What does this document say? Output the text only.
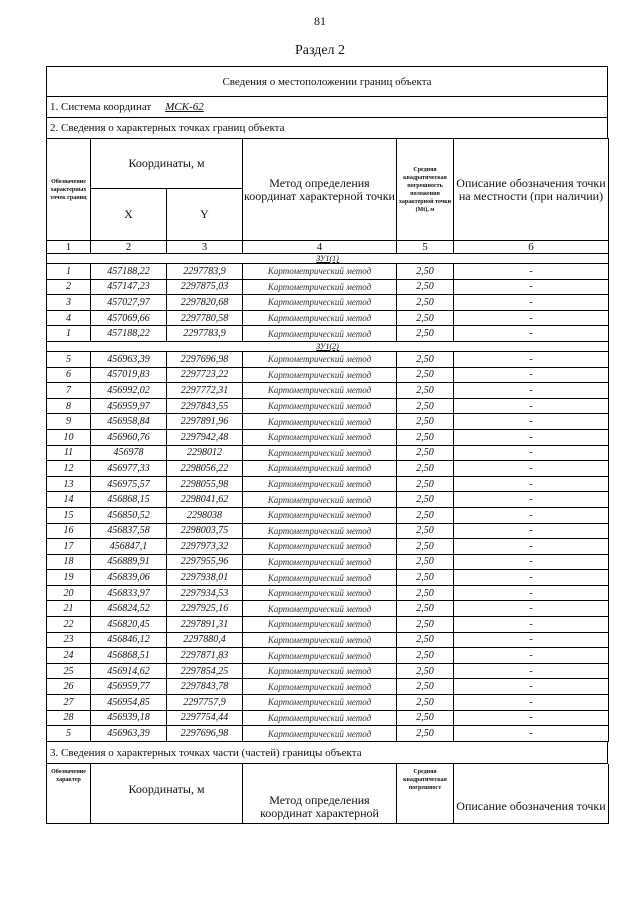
81
Раздел 2
Сведения о местоположении границ объекта
1. Система координат МСК-62
2. Сведения о характерных точках границ объекта
Обозначение характерных точек границ	Координаты, м		Метод определения координат характерной точки	Средняя квадратическая погрешность положения характерной точки (Mt), м	Описание обозначения точки на местности (при наличии)
	X	Y			
1	2	3	4	5	6
ЗУ1(1)					
1	457188,22	2297783,9	Картометрический метод	2,50	-
2	457147,23	2297875,03	Картометрический метод	2,50	-
3	457027,97	2297820,68	Картометрический метод	2,50	-
4	457069,66	2297780,58	Картометрический метод	2,50	-
1	457188,22	2297783,9	Картометрический метод	2,50	-
ЗУ1(2)					
5	456963,39	2297696,98	Картометрический метод	2,50	-
6	457019,83	2297723,22	Картометрический метод	2,50	-
7	456992,02	2297772,31	Картометрический метод	2,50	-
8	456959,97	2297843,55	Картометрический метод	2,50	-
9	456958,84	2297891,96	Картометрический метод	2,50	-
10	456960,76	2297942,48	Картометрический метод	2,50	-
11	456978	2298012	Картометрический метод	2,50	-
12	456977,33	2298056,22	Картометрический метод	2,50	-
13	456975,57	2298055,98	Картометрический метод	2,50	-
14	456868,15	2298041,62	Картометрический метод	2,50	-
15	456850,52	2298038	Картометрический метод	2,50	-
16	456837,58	2298003,75	Картометрический метод	2,50	-
17	456847,1	2297973,32	Картометрический метод	2,50	-
18	456889,91	2297955,96	Картометрический метод	2,50	-
19	456839,06	2297938,01	Картометрический метод	2,50	-
20	456833,97	2297934,53	Картометрический метод	2,50	-
21	456824,52	2297925,16	Картометрический метод	2,50	-
22	456820,45	2297891,31	Картометрический метод	2,50	-
23	456846,12	2297880,4	Картометрический метод	2,50	-
24	456868,51	2297871,83	Картометрический метод	2,50	-
25	456914,62	2297854,25	Картометрический метод	2,50	-
26	456959,77	2297843,78	Картометрический метод	2,50	-
27	456954,85	2297757,9	Картометрический метод	2,50	-
28	456939,18	2297754,44	Картометрический метод	2,50	-
5	456963,39	2297696,98	Картометрический метод	2,50	-
3. Сведения о характерных точках части (частей) границы объекта
Обозначение характер	Координаты, м	Метод определения координат характерной	Средняя квадратическая погрешност	Описание обозначения точки
